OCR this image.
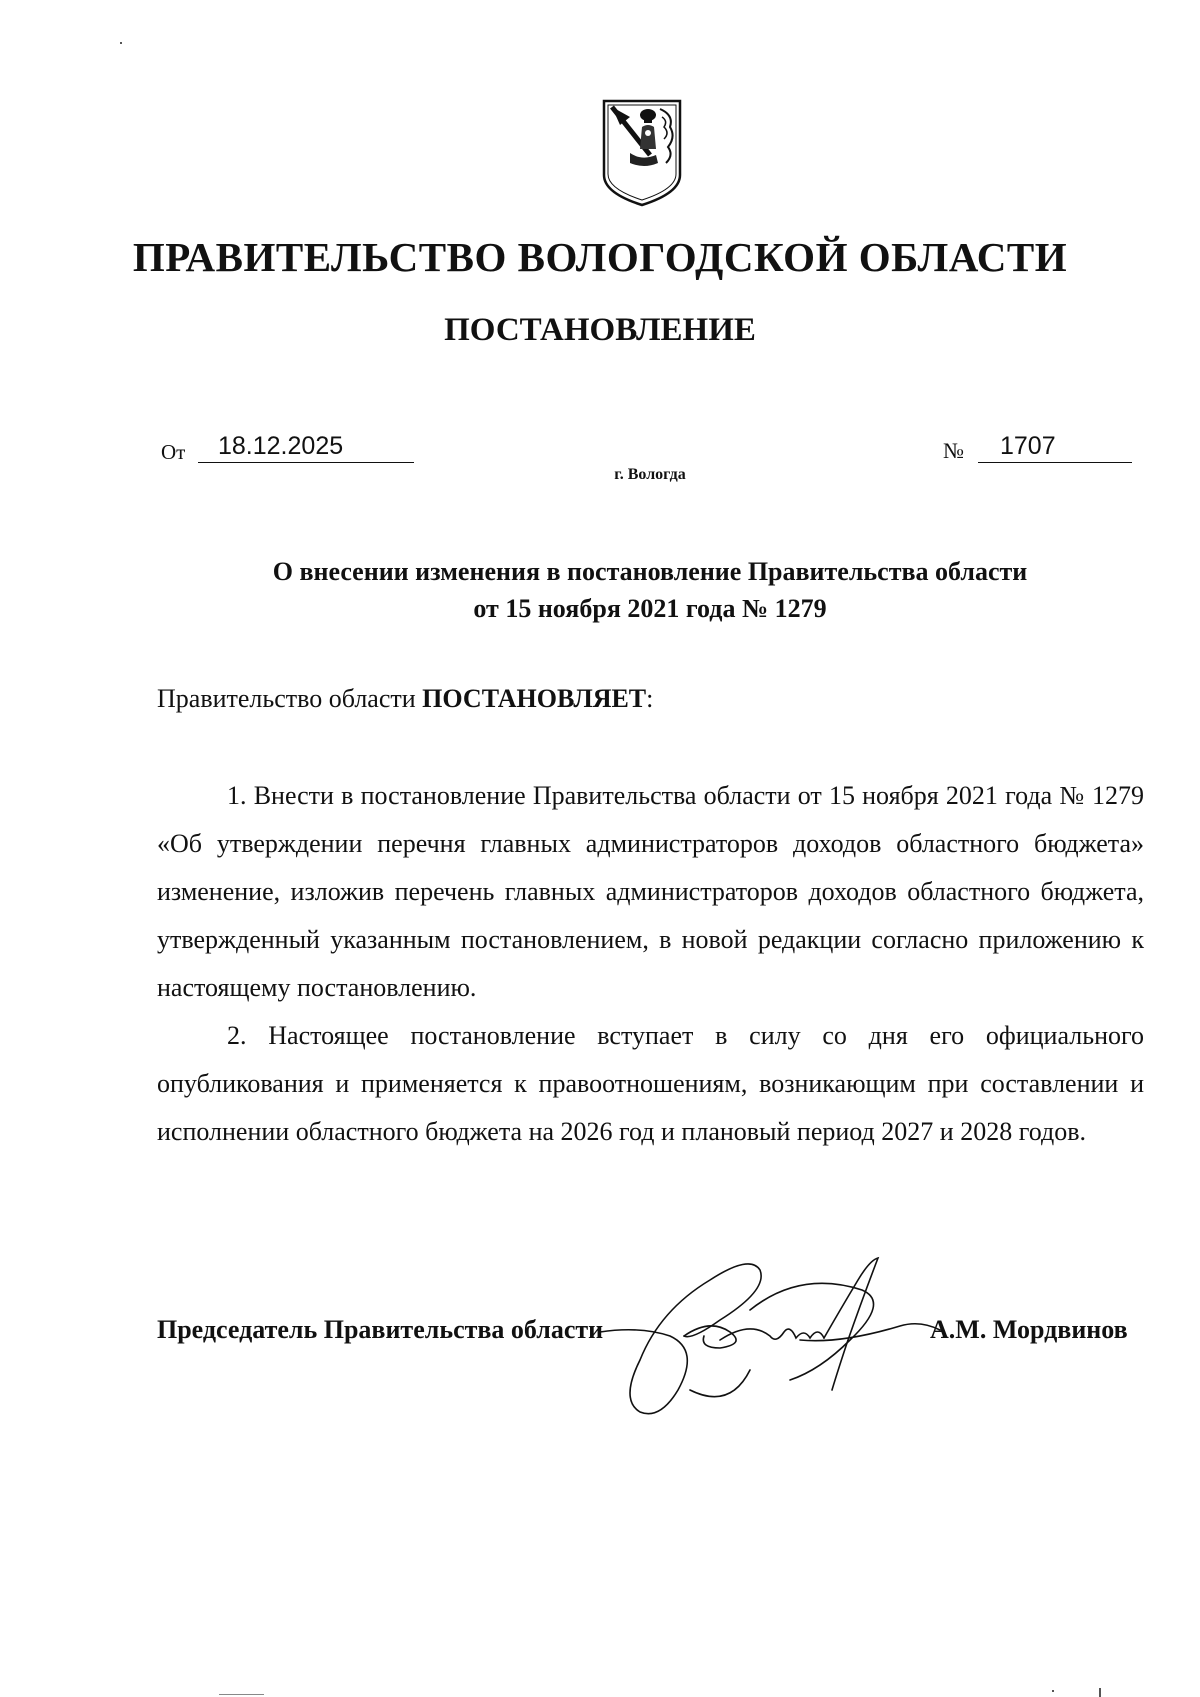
ПРАВИТЕЛЬСТВО ВОЛОГОДСКОЙ ОБЛАСТИ
ПОСТАНОВЛЕНИЕ
От 18.12.2025	№ 1707
г. Вологда
О внесении изменения в постановление Правительства области
от 15 ноября 2021 года № 1279
Правительство области ПОСТАНОВЛЯЕТ:

1. Внести в постановление Правительства области от 15 ноября 2021 года № 1279 «Об утверждении перечня главных администраторов доходов областного бюджета» изменение, изложив перечень главных администраторов доходов областного бюджета, утвержденный указанным постановлением, в новой редакции согласно приложению к настоящему постановлению.

2. Настоящее постановление вступает в силу со дня его официального опубликования и применяется к правоотношениям, возникающим при составлении и исполнении областного бюджета на 2026 год и плановый период 2027 и 2028 годов.

Председатель Правительства области	А.М. Мордвинов
